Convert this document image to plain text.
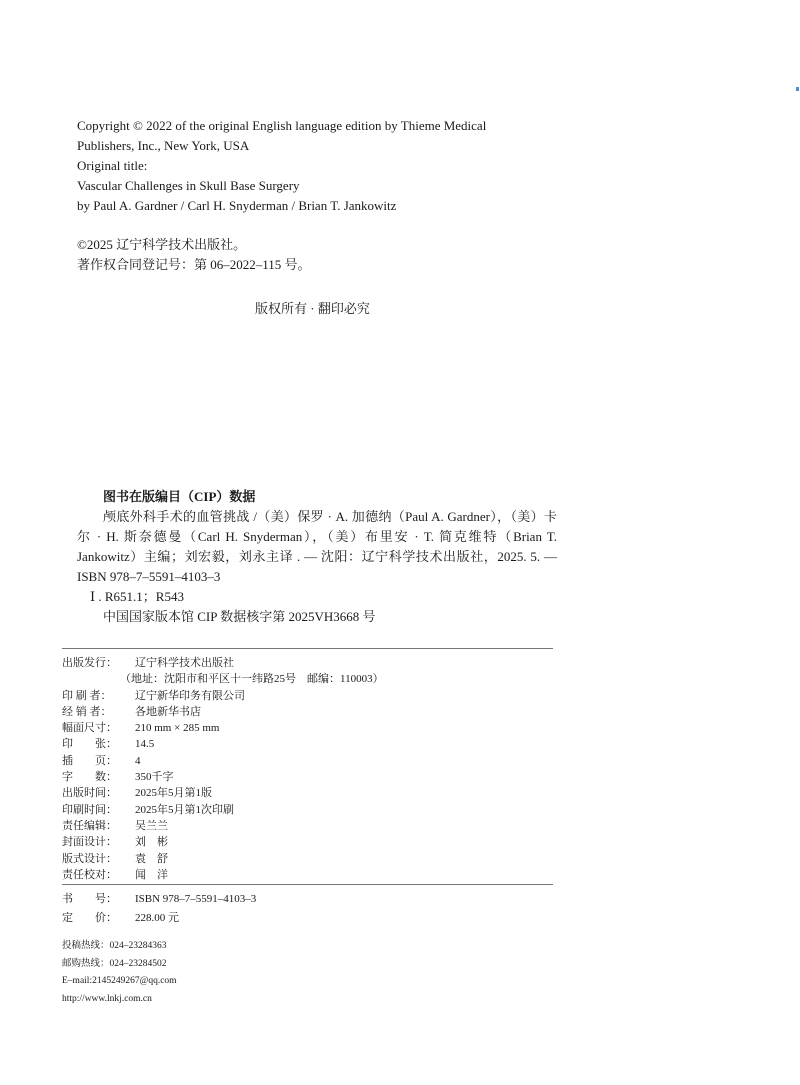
Copyright © 2022 of the original English language edition by Thieme Medical
Publishers, Inc., New York, USA
Original title:
Vascular Challenges in Skull Base Surgery
by Paul A. Gardner / Carl H. Snyderman / Brian T. Jankowitz
©2025 辽宁科学技术出版社。
著作权合同登记号：第 06–2022–115 号。
版权所有 · 翻印必究
图书在版编目（CIP）数据
颅底外科手术的血管挑战 /（美）保罗 · A. 加德纳（Paul A. Gardner），（美）卡尔 · H. 斯奈德曼（Carl H. Snyderman），（美）布里安 · T. 简克维特（Brian T. Jankowitz）主编；刘宏毅，刘永主译 . –– 沈阳：辽宁科学技术出版社，2025. 5. –– ISBN 978–7–5591–4103–3
Ⅰ . R651.1；R543
中国国家版本馆 CIP 数据核字第 2025VH3668 号
出版发行：	辽宁科学技术出版社
（地址：沈阳市和平区十一纬路25号　邮编：110003）
印 刷 者：	辽宁新华印务有限公司
经 销 者：	各地新华书店
幅面尺寸：	210 mm × 285 mm
印　　张：	14.5
插　　页：	4
字　　数：	350千字
出版时间：	2025年5月第1版
印刷时间：	2025年5月第1次印刷
责任编辑：	吴兰兰
封面设计：	刘　彬
版式设计：	袁　舒
责任校对：	闻　洋
书　　号：	ISBN 978–7–5591–4103–3
定　　价：	228.00 元
投稿热线：024–23284363
邮购热线：024–23284502
E–mail:2145249267@qq.com
http://www.lnkj.com.cn
